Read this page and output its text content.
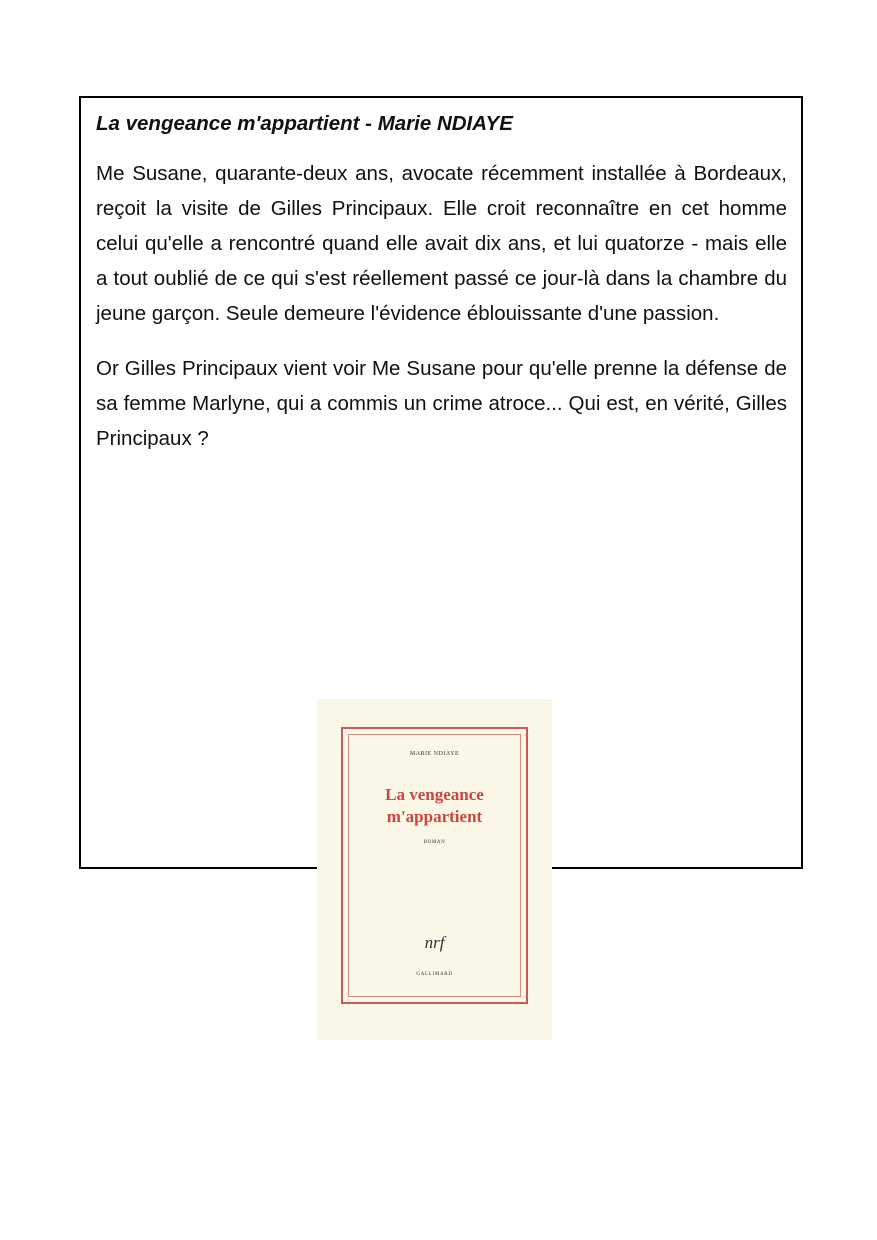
La vengeance m'appartient - Marie NDIAYE

Me Susane, quarante-deux ans, avocate récemment installée à Bordeaux, reçoit la visite de Gilles Principaux. Elle croit reconnaître en cet homme celui qu'elle a rencontré quand elle avait dix ans, et lui quatorze - mais elle a tout oublié de ce qui s'est réellement passé ce jour-là dans la chambre du jeune garçon. Seule demeure l'évidence éblouissante d'une passion.

Or Gilles Principaux vient voir Me Susane pour qu'elle prenne la défense de sa femme Marlyne, qui a commis un crime atroce... Qui est, en vérité, Gilles Principaux ?

MARIE NDIAYE
La vengeance
m'appartient
ROMAN
nrf
GALLIMARD
